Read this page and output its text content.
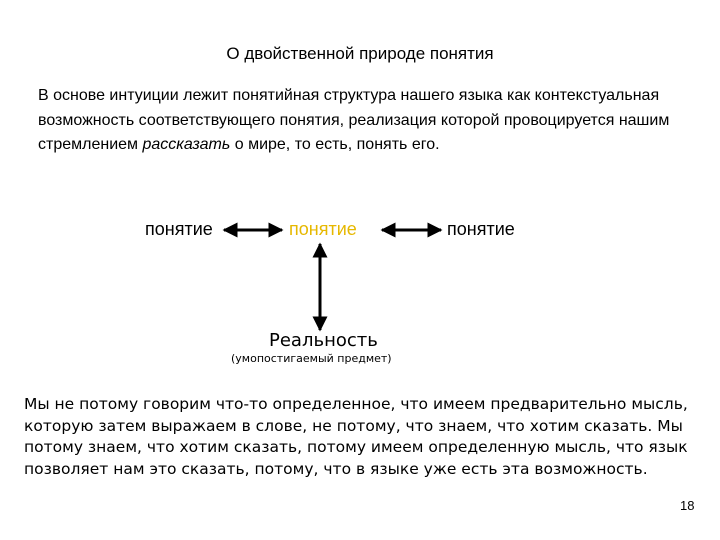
О двойственной природе понятия
В основе интуиции лежит понятийная структура нашего языка как контекстуальная возможность соответствующего понятия, реализация которой провоцируется нашим стремлением рассказать о мире, то есть, понять его.
понятие	понятие	понятие
Реальность
(умопостигаемый предмет)
Мы не потому говорим что-то определенное, что имеем предварительно мысль, которую затем выражаем в слове, не потому, что знаем, что хотим сказать. Мы потому знаем, что хотим сказать, потому имеем определенную мысль, что язык позволяет нам это сказать, потому, что в языке уже есть эта возможность.
18
